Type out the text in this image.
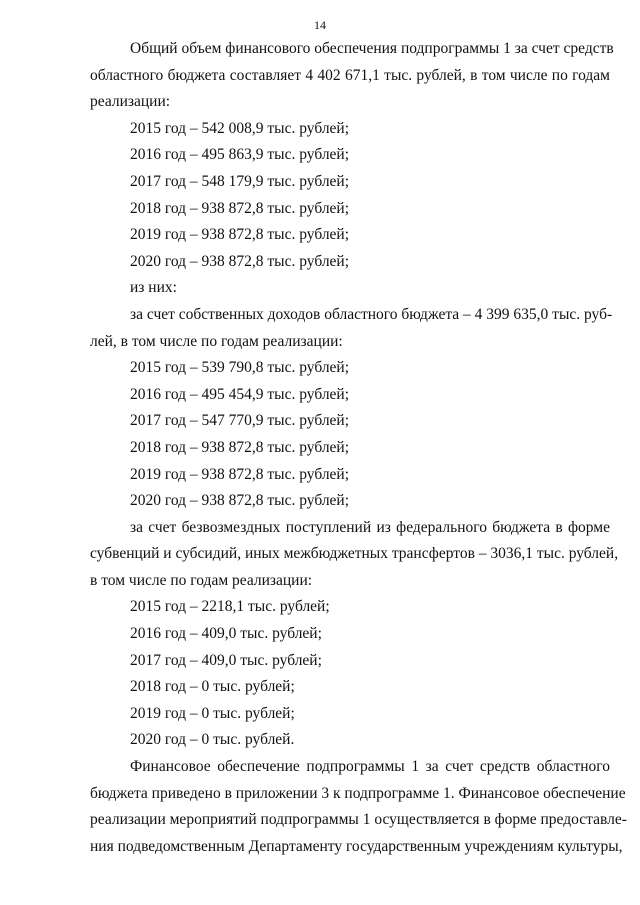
14
Общий объем финансового обеспечения подпрограммы 1 за счет средств
областного бюджета составляет 4 402 671,1 тыс. рублей, в том числе по годам
реализации:
2015 год – 542 008,9 тыс. рублей;
2016 год – 495 863,9 тыс. рублей;
2017 год – 548 179,9 тыс. рублей;
2018 год – 938 872,8 тыс. рублей;
2019 год – 938 872,8 тыс. рублей;
2020 год – 938 872,8 тыс. рублей;
из них:
за счет собственных доходов областного бюджета – 4 399 635,0 тыс. руб-
лей, в том числе по годам реализации:
2015 год – 539 790,8 тыс. рублей;
2016 год – 495 454,9 тыс. рублей;
2017 год – 547 770,9 тыс. рублей;
2018 год – 938 872,8 тыс. рублей;
2019 год – 938 872,8 тыс. рублей;
2020 год – 938 872,8 тыс. рублей;
за счет безвозмездных поступлений из федерального бюджета в форме
субвенций и субсидий, иных межбюджетных трансфертов – 3036,1 тыс. рублей,
в том числе по годам реализации:
2015 год – 2218,1 тыс. рублей;
2016 год – 409,0 тыс. рублей;
2017 год – 409,0 тыс. рублей;
2018 год – 0 тыс. рублей;
2019 год – 0 тыс. рублей;
2020 год – 0 тыс. рублей.
Финансовое обеспечение подпрограммы 1 за счет средств областного
бюджета приведено в приложении 3 к подпрограмме 1. Финансовое обеспечение
реализации мероприятий подпрограммы 1 осуществляется в форме предоставле-
ния подведомственным Департаменту государственным учреждениям культуры,
